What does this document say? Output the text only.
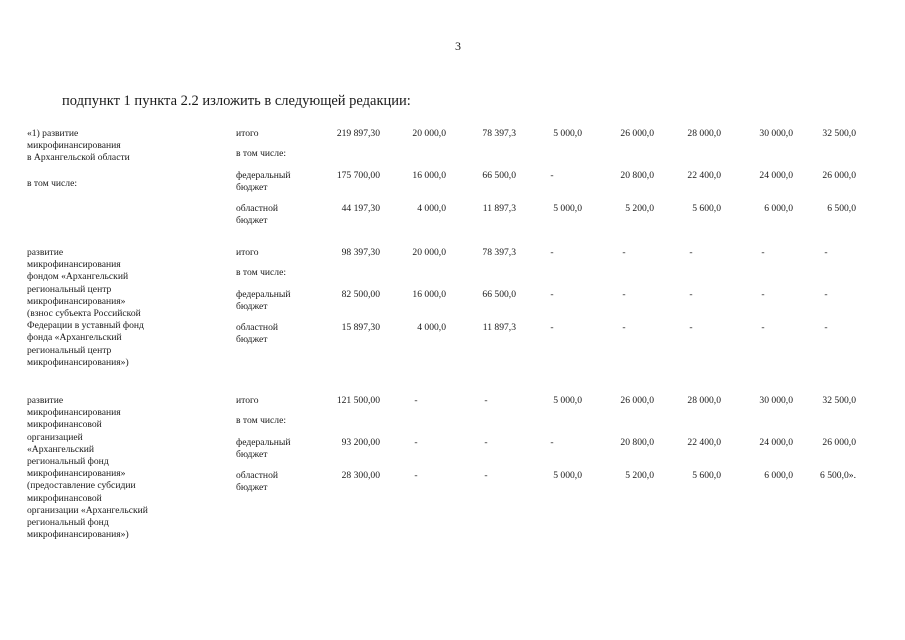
3
подпункт 1 пункта 2.2 изложить в следующей редакции:
«1) развитие
микрофинансирования
в Архангельской области
в том числе:
итого	219 897,30	20 000,0	78 397,3	5 000,0	26 000,0	28 000,0	30 000,0	32 500,0
в том числе:
федеральный
бюджет
175 700,00	16 000,0	66 500,0	-	20 800,0	22 400,0	24 000,0	26 000,0
областной
бюджет
44 197,30	4 000,0	11 897,3	5 000,0	5 200,0	5 600,0	6 000,0	6 500,0
развитие
микрофинансирования
фондом «Архангельский
региональный центр
микрофинансирования»
(взнос субъекта Российской
Федерации в уставный фонд
фонда «Архангельский
региональный центр
микрофинансирования»)
итого	98 397,30	20 000,0	78 397,3	-	-	-	-	-
в том числе:
федеральный
бюджет
82 500,00	16 000,0	66 500,0	-	-	-	-	-
областной
бюджет
15 897,30	4 000,0	11 897,3	-	-	-	-	-
развитие
микрофинансирования
микрофинансовой
организацией
«Архангельский
региональный фонд
микрофинансирования»
(предоставление субсидии
микрофинансовой
организации «Архангельский
региональный фонд
микрофинансирования»)
итого	121 500,00	-	-	5 000,0	26 000,0	28 000,0	30 000,0	32 500,0
в том числе:
федеральный
бюджет
93 200,00	-	-	-	20 800,0	22 400,0	24 000,0	26 000,0
областной
бюджет
28 300,00	-	-	5 000,0	5 200,0	5 600,0	6 000,0	6 500,0».
